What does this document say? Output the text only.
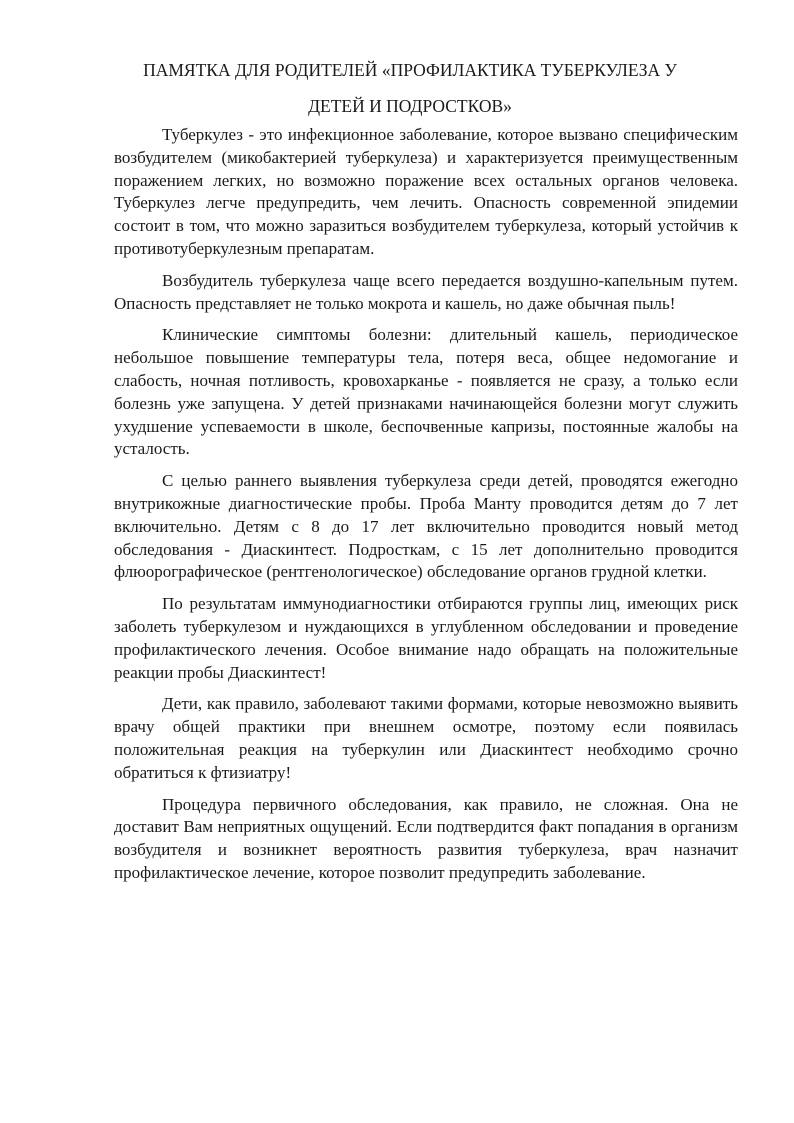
ПАМЯТКА ДЛЯ РОДИТЕЛЕЙ «ПРОФИЛАКТИКА ТУБЕРКУЛЕЗА У
ДЕТЕЙ И ПОДРОСТКОВ»

Туберкулез - это инфекционное заболевание, которое вызвано специфическим возбудителем (микобактерией туберкулеза) и характеризуется преимущественным поражением легких, но возможно поражение всех остальных органов человека. Туберкулез легче предупредить, чем лечить. Опасность современной эпидемии состоит в том, что можно заразиться возбудителем туберкулеза, который устойчив к противотуберкулезным препаратам.

Возбудитель туберкулеза чаще всего передается воздушно-капельным путем. Опасность представляет не только мокрота и кашель, но даже обычная пыль!

Клинические симптомы болезни: длительный кашель, периодическое небольшое повышение температуры тела, потеря веса, общее недомогание и слабость, ночная потливость, кровохарканье - появляется не сразу, а только если болезнь уже запущена. У детей признаками начинающейся болезни могут служить ухудшение успеваемости в школе, беспочвенные капризы, постоянные жалобы на усталость.

С целью раннего выявления туберкулеза среди детей, проводятся ежегодно внутрикожные диагностические пробы. Проба Манту проводится детям до 7 лет включительно. Детям с 8 до 17 лет включительно проводится новый метод обследования - Диаскинтест. Подросткам, с 15 лет дополнительно проводится флюорографическое (рентгенологическое) обследование органов грудной клетки.

По результатам иммунодиагностики отбираются группы лиц, имеющих риск заболеть туберкулезом и нуждающихся в углубленном обследовании и проведение профилактического лечения. Особое внимание надо обращать на положительные реакции пробы Диаскинтест!

Дети, как правило, заболевают такими формами, которые невозможно выявить врачу общей практики при внешнем осмотре, поэтому если появилась положительная реакция на туберкулин или Диаскинтест необходимо срочно обратиться к фтизиатру!

Процедура первичного обследования, как правило, не сложная. Она не доставит Вам неприятных ощущений. Если подтвердится факт попадания в организм возбудителя и возникнет вероятность развития туберкулеза, врач назначит профилактическое лечение, которое позволит предупредить заболевание.
